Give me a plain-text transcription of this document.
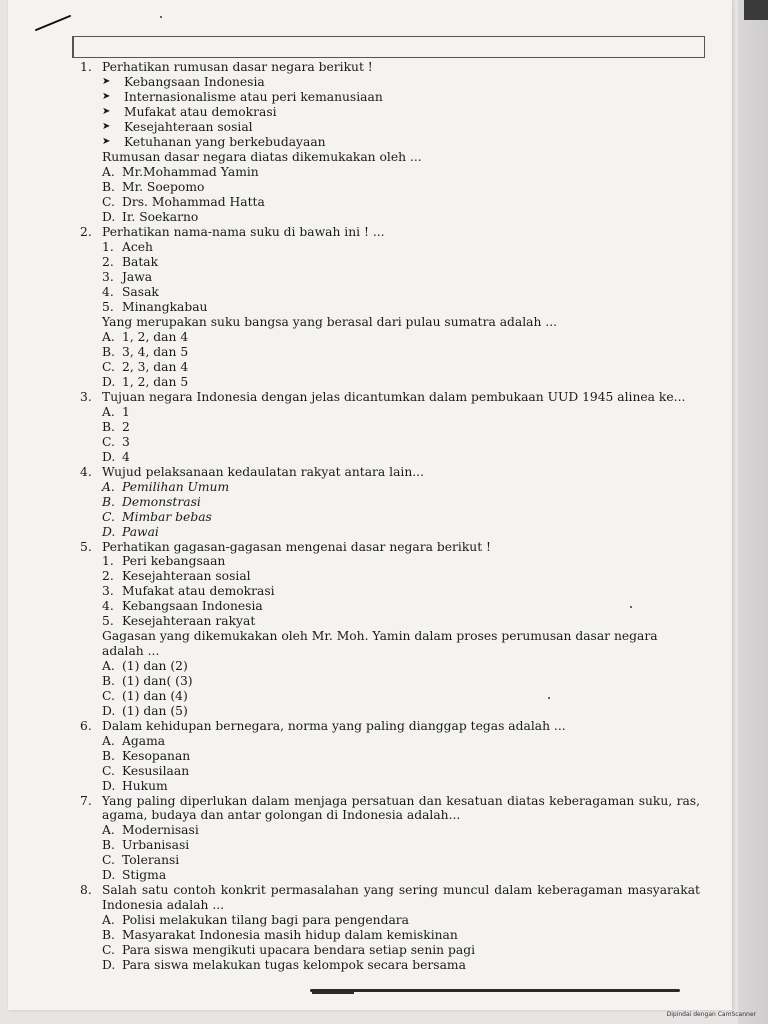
1. Perhatikan rumusan dasar negara berikut !
➤	Kebangsaan Indonesia
➤	Internasionalisme atau peri kemanusiaan
➤	Mufakat atau demokrasi
➤	Kesejahteraan sosial
➤	Ketuhanan yang berkebudayaan
Rumusan dasar negara diatas dikemukakan oleh ...
A. Mr.Mohammad Yamin
B. Mr. Soepomo
C. Drs. Mohammad Hatta
D. Ir. Soekarno
2. Perhatikan nama-nama suku di bawah ini ! ...
1. Aceh
2. Batak
3. Jawa
4. Sasak
5. Minangkabau
Yang merupakan suku bangsa yang berasal dari pulau sumatra adalah ...
A. 1, 2, dan 4
B. 3, 4, dan 5
C. 2, 3, dan 4
D. 1, 2, dan 5
3. Tujuan negara Indonesia dengan jelas dicantumkan dalam pembukaan UUD 1945 alinea ke...
A. 1
B. 2
C. 3
D. 4
4. Wujud pelaksanaan kedaulatan rakyat antara lain...
A. Pemilihan Umum
B. Demonstrasi
C. Mimbar bebas
D. Pawai
5. Perhatikan gagasan-gagasan mengenai dasar negara berikut !
1. Peri kebangsaan
2. Kesejahteraan sosial
3. Mufakat atau demokrasi
4. Kebangsaan Indonesia
5. Kesejahteraan rakyat
Gagasan yang dikemukakan oleh Mr. Moh. Yamin dalam proses perumusan dasar negara adalah ...
A. (1) dan (2)
B. (1) dan( (3)
C. (1) dan (4)
D. (1) dan (5)
6. Dalam kehidupan bernegara, norma yang paling dianggap tegas adalah ...
A. Agama
B. Kesopanan
C. Kesusilaan
D. Hukum
7. Yang paling diperlukan dalam menjaga persatuan dan kesatuan diatas keberagaman suku, ras, agama, budaya dan antar golongan di Indonesia adalah...
A. Modernisasi
B. Urbanisasi
C. Toleransi
D. Stigma
8. Salah satu contoh konkrit permasalahan yang sering muncul dalam keberagaman masyarakat Indonesia adalah ...
A. Polisi melakukan tilang bagi para pengendara
B. Masyarakat Indonesia masih hidup dalam kemiskinan
C. Para siswa mengikuti upacara bendara setiap senin pagi
D. Para siswa melakukan tugas kelompok secara bersama
Dipindai dengan CamScanner
